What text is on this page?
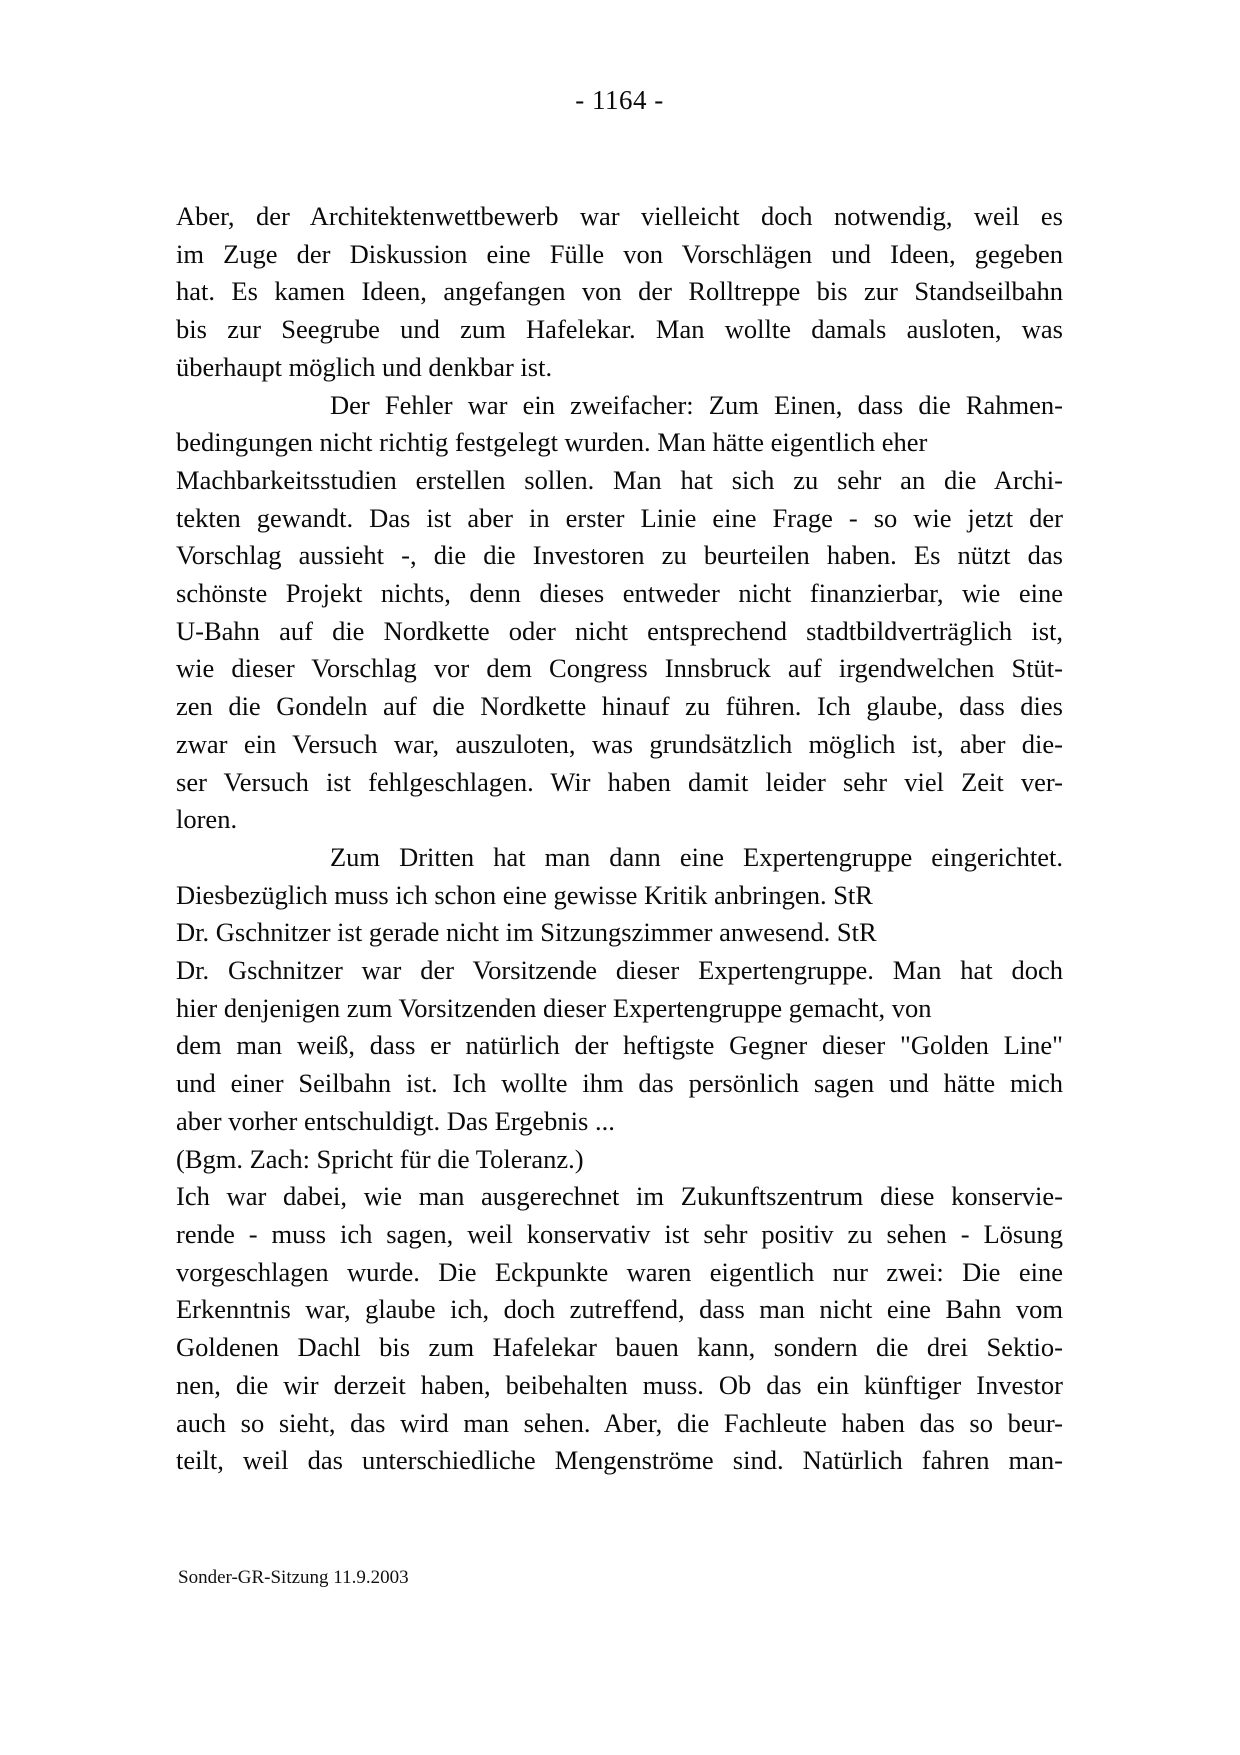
- 1164 -
Aber, der Architektenwettbewerb war vielleicht doch notwendig, weil es
im Zuge der Diskussion eine Fülle von Vorschlägen und Ideen, gegeben
hat. Es kamen Ideen, angefangen von der Rolltreppe bis zur Standseilbahn
bis zur Seegrube und zum Hafelekar. Man wollte damals ausloten, was
überhaupt möglich und denkbar ist.
Der Fehler war ein zweifacher: Zum Einen, dass die Rahmen-
bedingungen nicht richtig festgelegt wurden. Man hätte eigentlich eher
Machbarkeitsstudien erstellen sollen. Man hat sich zu sehr an die Archi-
tekten gewandt. Das ist aber in erster Linie eine Frage - so wie jetzt der
Vorschlag aussieht -, die die Investoren zu beurteilen haben. Es nützt das
schönste Projekt nichts, denn dieses entweder nicht finanzierbar, wie eine
U-Bahn auf die Nordkette oder nicht entsprechend stadtbildverträglich ist,
wie dieser Vorschlag vor dem Congress Innsbruck auf irgendwelchen Stüt-
zen die Gondeln auf die Nordkette hinauf zu führen. Ich glaube, dass dies
zwar ein Versuch war, auszuloten, was grundsätzlich möglich ist, aber die-
ser Versuch ist fehlgeschlagen. Wir haben damit leider sehr viel Zeit ver-
loren.
Zum Dritten hat man dann eine Expertengruppe eingerichtet.
Diesbezüglich muss ich schon eine gewisse Kritik anbringen. StR
Dr. Gschnitzer ist gerade nicht im Sitzungszimmer anwesend. StR
Dr. Gschnitzer war der Vorsitzende dieser Expertengruppe. Man hat doch
hier denjenigen zum Vorsitzenden dieser Expertengruppe gemacht, von
dem man weiß, dass er natürlich der heftigste Gegner dieser "Golden Line"
und einer Seilbahn ist. Ich wollte ihm das persönlich sagen und hätte mich
aber vorher entschuldigt. Das Ergebnis ...
(Bgm. Zach: Spricht für die Toleranz.)
Ich war dabei, wie man ausgerechnet im Zukunftszentrum diese konservie-
rende - muss ich sagen, weil konservativ ist sehr positiv zu sehen - Lösung
vorgeschlagen wurde. Die Eckpunkte waren eigentlich nur zwei: Die eine
Erkenntnis war, glaube ich, doch zutreffend, dass man nicht eine Bahn vom
Goldenen Dachl bis zum Hafelekar bauen kann, sondern die drei Sektio-
nen, die wir derzeit haben, beibehalten muss. Ob das ein künftiger Investor
auch so sieht, das wird man sehen. Aber, die Fachleute haben das so beur-
teilt, weil das unterschiedliche Mengenströme sind. Natürlich fahren man-
Sonder-GR-Sitzung 11.9.2003
